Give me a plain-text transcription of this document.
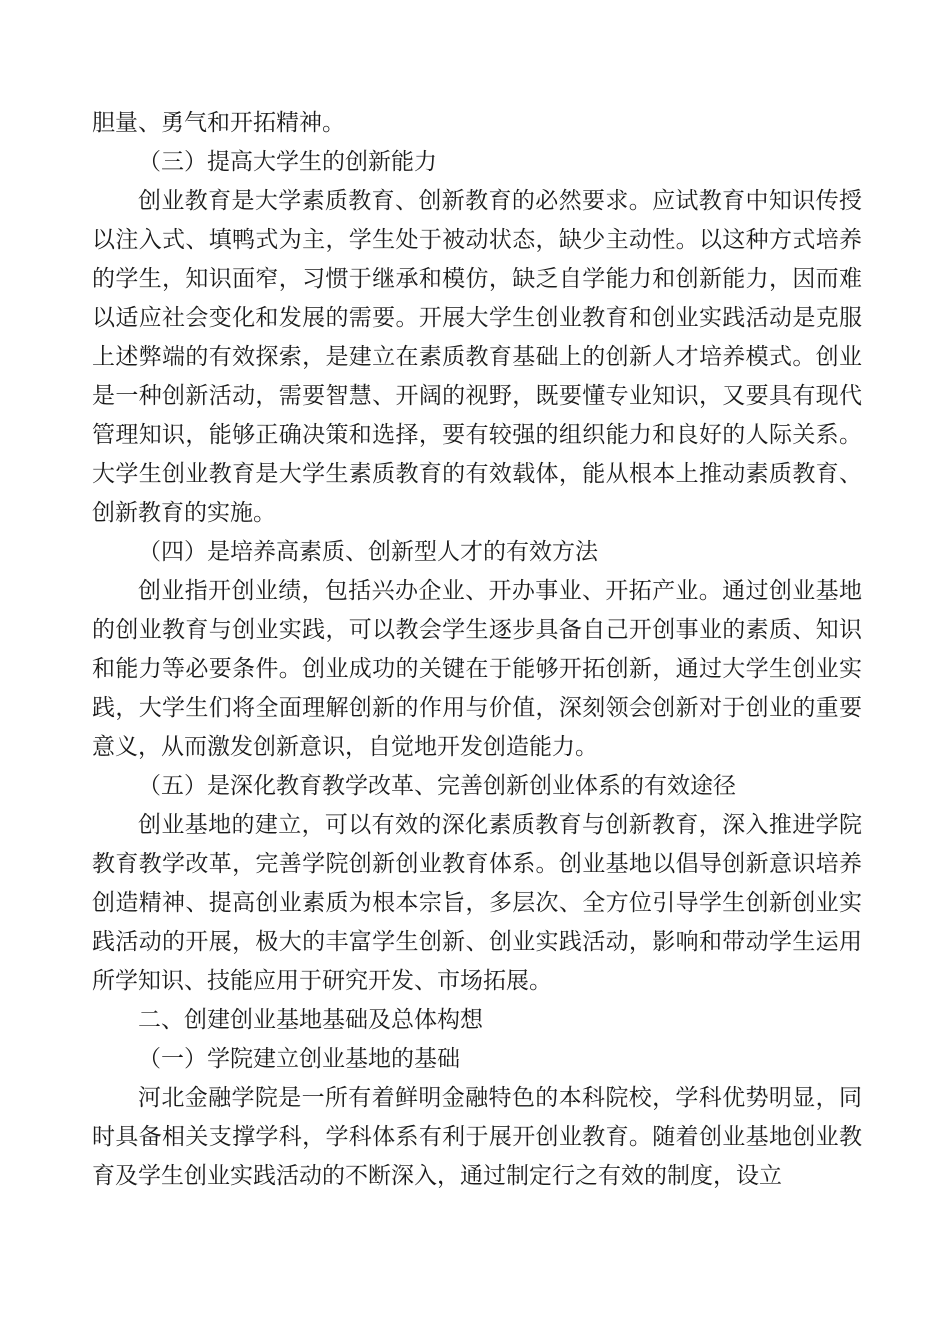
胆量、勇气和开拓精神。

（三）提高大学生的创新能力

创业教育是大学素质教育、创新教育的必然要求。应试教育中知识传授以注入式、填鸭式为主，学生处于被动状态，缺少主动性。以这种方式培养的学生，知识面窄，习惯于继承和模仿，缺乏自学能力和创新能力，因而难以适应社会变化和发展的需要。开展大学生创业教育和创业实践活动是克服上述弊端的有效探索，是建立在素质教育基础上的创新人才培养模式。创业是一种创新活动，需要智慧、开阔的视野，既要懂专业知识，又要具有现代管理知识，能够正确决策和选择，要有较强的组织能力和良好的人际关系。大学生创业教育是大学生素质教育的有效载体，能从根本上推动素质教育、创新教育的实施。

（四）是培养高素质、创新型人才的有效方法

创业指开创业绩，包括兴办企业、开办事业、开拓产业。通过创业基地的创业教育与创业实践，可以教会学生逐步具备自己开创事业的素质、知识和能力等必要条件。创业成功的关键在于能够开拓创新，通过大学生创业实践，大学生们将全面理解创新的作用与价值，深刻领会创新对于创业的重要意义，从而激发创新意识，自觉地开发创造能力。

（五）是深化教育教学改革、完善创新创业体系的有效途径

创业基地的建立，可以有效的深化素质教育与创新教育，深入推进学院教育教学改革，完善学院创新创业教育体系。创业基地以倡导创新意识培养创造精神、提高创业素质为根本宗旨，多层次、全方位引导学生创新创业实践活动的开展，极大的丰富学生创新、创业实践活动，影响和带动学生运用所学知识、技能应用于研究开发、市场拓展。

二、创建创业基地基础及总体构想

（一）学院建立创业基地的基础

河北金融学院是一所有着鲜明金融特色的本科院校，学科优势明显，同时具备相关支撑学科，学科体系有利于展开创业教育。随着创业基地创业教育及学生创业实践活动的不断深入，通过制定行之有效的制度，设立
